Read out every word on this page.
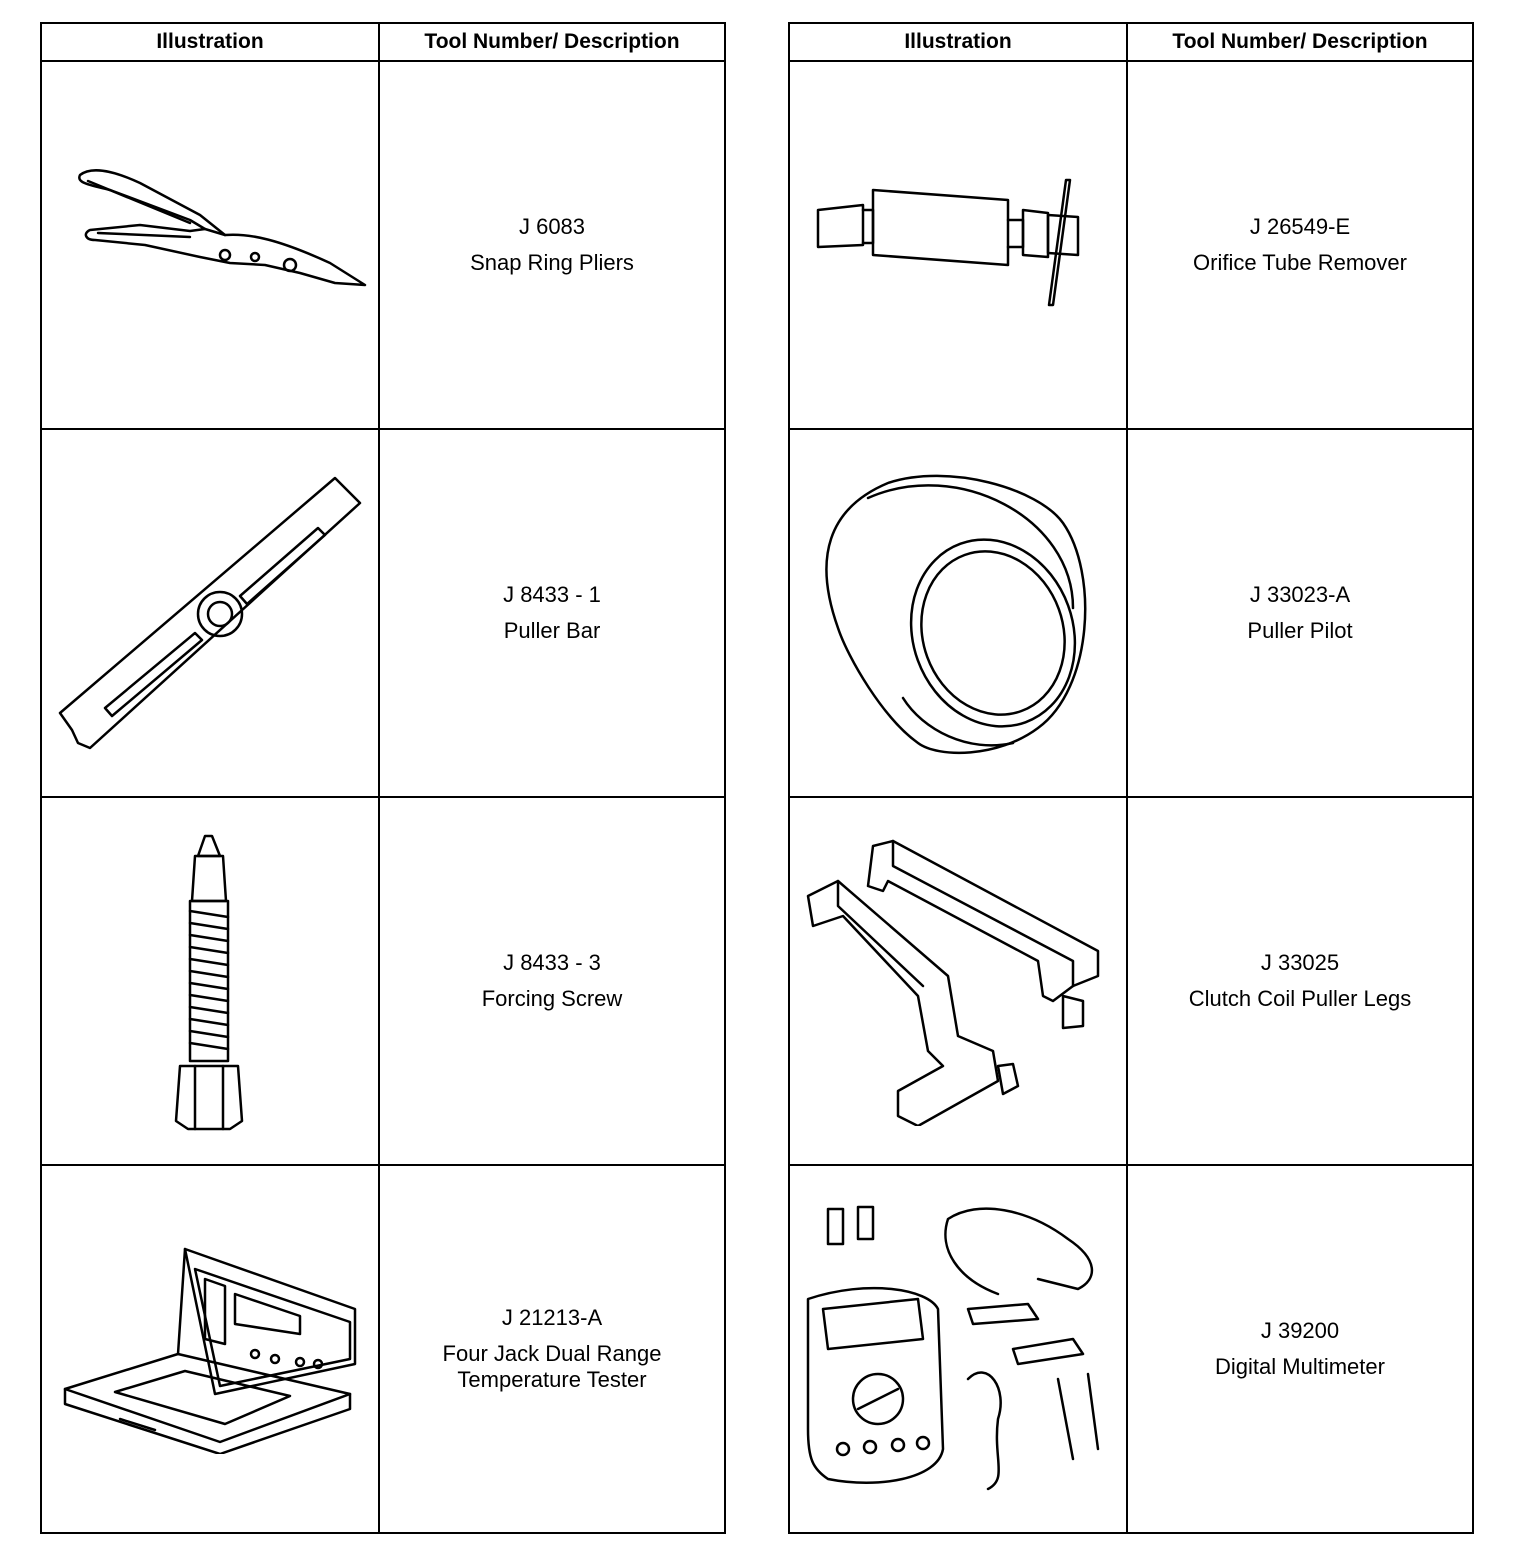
Illustration	Tool Number/ Description

J 6083
Snap Ring Pliers

J 8433 - 1
Puller Bar

J 8433 - 3
Forcing Screw

J 21213-A
Four Jack Dual Range
Temperature Tester
Illustration	Tool Number/ Description

J 26549-E
Orifice Tube Remover

J 33023-A
Puller Pilot

J 33025
Clutch Coil Puller Legs

J 39200
Digital Multimeter
